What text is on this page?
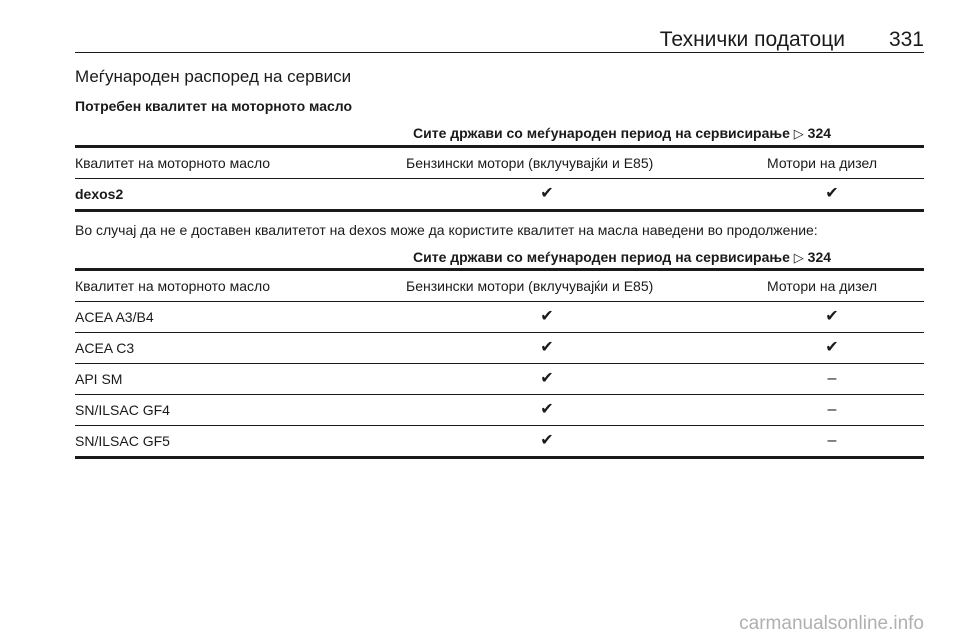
Технички податоци 331
Меѓународен распоред на сервиси
Потребен квалитет на моторното масло
Сите држави со меѓународен период на сервисирање ▷ 324
Квалитет на моторното масло	Бензински мотори (вклучувајќи и E85)	Мотори на дизел
dexos2	✔	✔
Во случај да не е доставен квалитетот на dexos може да користите квалитет на масла наведени во продолжение:
Сите држави со меѓународен период на сервисирање ▷ 324
Квалитет на моторното масло	Бензински мотори (вклучувајќи и E85)	Мотори на дизел
ACEA A3/B4	✔	✔
ACEA C3	✔	✔
API SM	✔	–
SN/ILSAC GF4	✔	–
SN/ILSAC GF5	✔	–
carmanualsonline.info
